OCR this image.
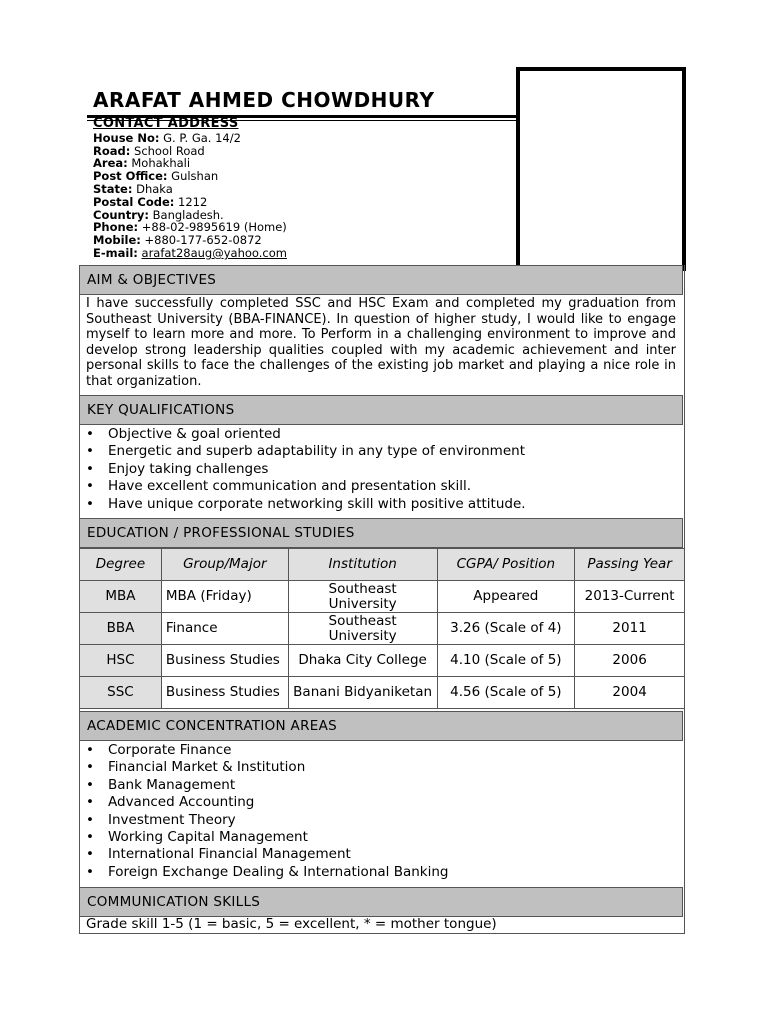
ARAFAT AHMED CHOWDHURY
CONTACT ADDRESS
House No: G. P. Ga. 14/2
Road: School Road
Area: Mohakhali
Post Office: Gulshan
State: Dhaka
Postal Code: 1212
Country: Bangladesh.
Phone: +88-02-9895619 (Home)
Mobile: +880-177-652-0872
E-mail: arafat28aug@yahoo.com
AIM & OBJECTIVES
I have successfully completed SSC and HSC Exam and completed my graduation from Southeast University (BBA-FINANCE). In question of higher study, I would like to engage myself to learn more and more. To Perform in a challenging environment to improve and develop strong leadership qualities coupled with my academic achievement and inter personal skills to face the challenges of the existing job market and playing a nice role in that organization.
KEY QUALIFICATIONS
• Objective & goal oriented
• Energetic and superb adaptability in any type of environment
• Enjoy taking challenges
• Have excellent communication and presentation skill.
• Have unique corporate networking skill with positive attitude.
EDUCATION / PROFESSIONAL STUDIES
Degree	Group/Major	Institution	CGPA/ Position	Passing Year
MBA	MBA (Friday)	Southeast University	Appeared	2013-Current
BBA	Finance	Southeast University	3.26 (Scale of 4)	2011
HSC	Business Studies	Dhaka City College	4.10 (Scale of 5)	2006
SSC	Business Studies	Banani Bidyaniketan	4.56 (Scale of 5)	2004
ACADEMIC CONCENTRATION AREAS
• Corporate Finance
• Financial Market & Institution
• Bank Management
• Advanced Accounting
• Investment Theory
• Working Capital Management
• International Financial Management
• Foreign Exchange Dealing & International Banking
COMMUNICATION SKILLS
Grade skill 1-5 (1 = basic, 5 = excellent, * = mother tongue)
